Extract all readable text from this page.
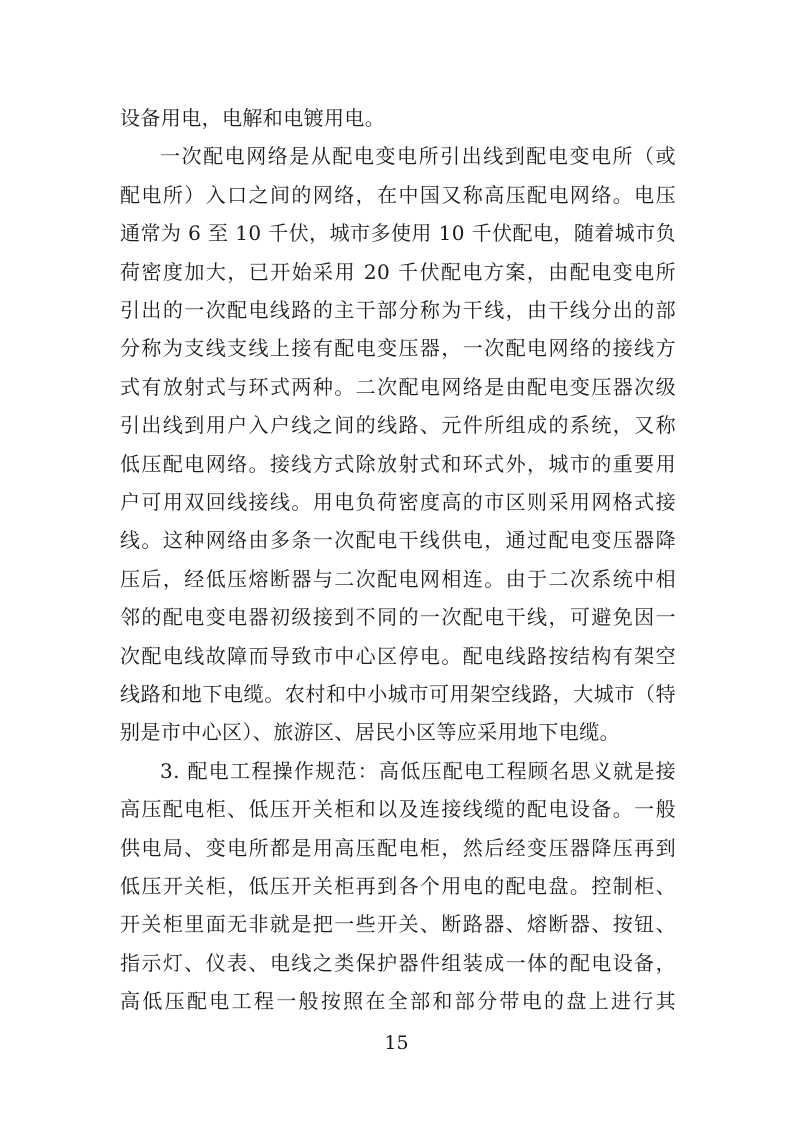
设备用电，电解和电镀用电。
一次配电网络是从配电变电所引出线到配电变电所（或
配电所）入口之间的网络，在中国又称高压配电网络。电压
通常为 6 至 10 千伏，城市多使用 10 千伏配电，随着城市负
荷密度加大，已开始采用 20 千伏配电方案，由配电变电所
引出的一次配电线路的主干部分称为干线，由干线分出的部
分称为支线支线上接有配电变压器，一次配电网络的接线方
式有放射式与环式两种。二次配电网络是由配电变压器次级
引出线到用户入户线之间的线路、元件所组成的系统，又称
低压配电网络。接线方式除放射式和环式外，城市的重要用
户可用双回线接线。用电负荷密度高的市区则采用网格式接
线。这种网络由多条一次配电干线供电，通过配电变压器降
压后，经低压熔断器与二次配电网相连。由于二次系统中相
邻的配电变电器初级接到不同的一次配电干线，可避免因一
次配电线故障而导致市中心区停电。配电线路按结构有架空
线路和地下电缆。农村和中小城市可用架空线路，大城市（特
别是市中心区）、旅游区、居民小区等应采用地下电缆。
3. 配电工程操作规范：高低压配电工程顾名思义就是接
高压配电柜、低压开关柜和以及连接线缆的配电设备。一般
供电局、变电所都是用高压配电柜，然后经变压器降压再到
低压开关柜，低压开关柜再到各个用电的配电盘。控制柜、
开关柜里面无非就是把一些开关、断路器、熔断器、按钮、
指示灯、仪表、电线之类保护器件组装成一体的配电设备，
高低压配电工程一般按照在全部和部分带电的盘上进行其
15
